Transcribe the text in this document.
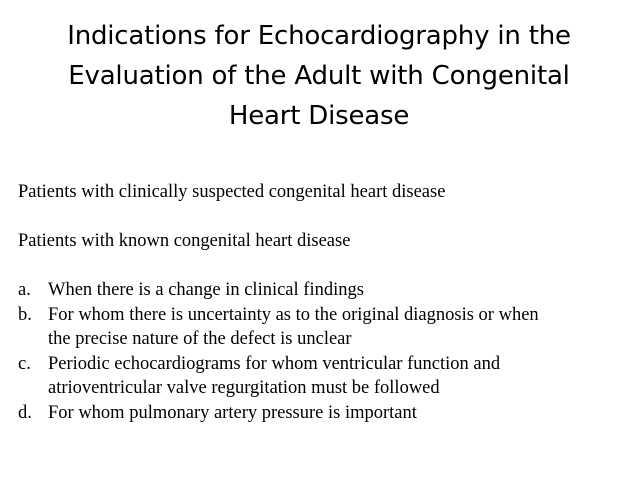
Indications for Echocardiography in the
Evaluation of the Adult with Congenital
Heart Disease

Patients with clinically suspected congenital heart disease

Patients with known congenital heart disease

a. When there is a change in clinical findings
b. For whom there is uncertainty as to the original diagnosis or when
the precise nature of the defect is unclear
c. Periodic echocardiograms for whom ventricular function and
atrioventricular valve regurgitation must be followed
d. For whom pulmonary artery pressure is important
